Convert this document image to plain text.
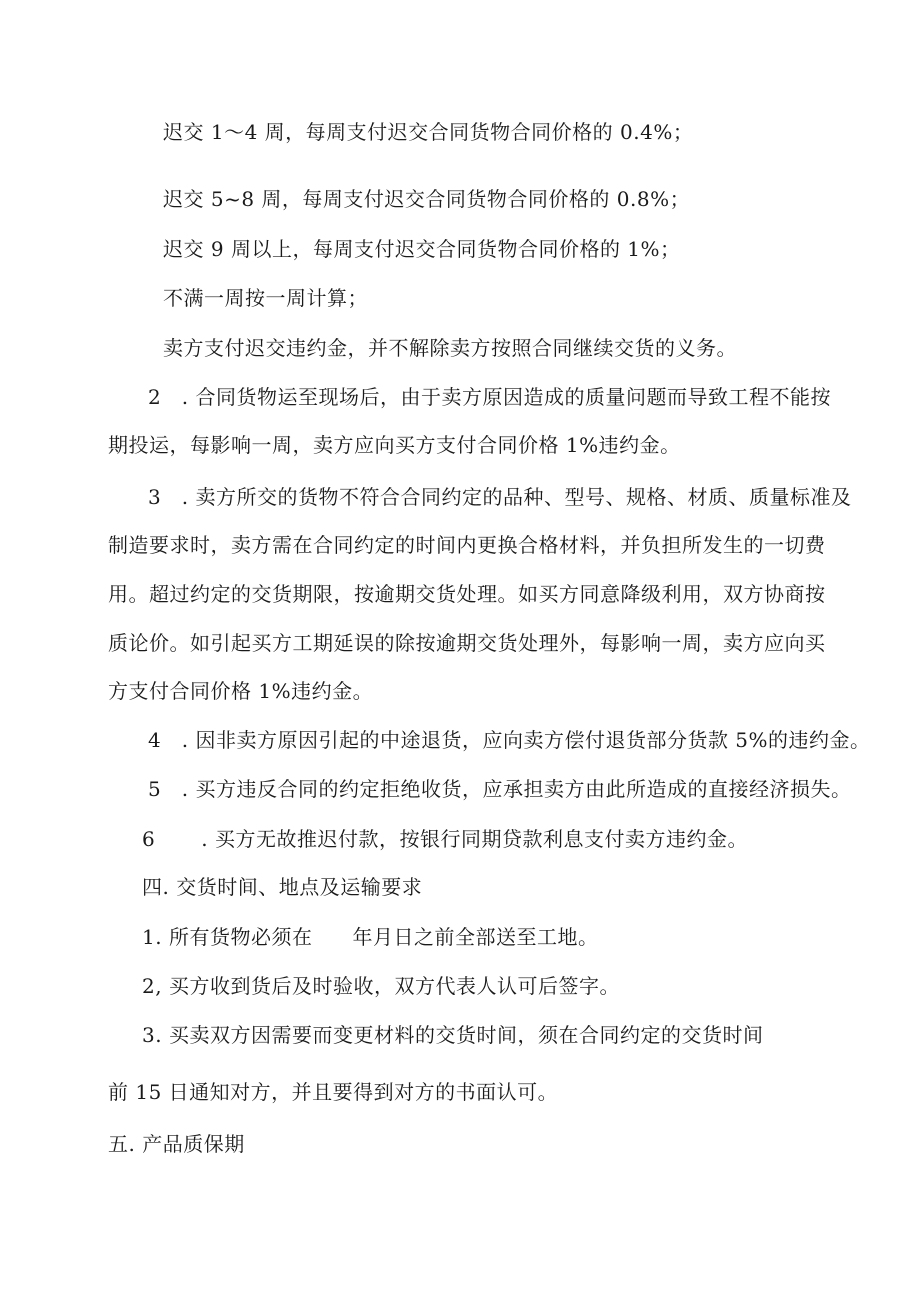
迟交 1～4 周，每周支付迟交合同货物合同价格的 0.4%；
迟交 5~8 周，每周支付迟交合同货物合同价格的 0.8%；
迟交 9 周以上，每周支付迟交合同货物合同价格的 1%；
不满一周按一周计算；
卖方支付迟交违约金，并不解除卖方按照合同继续交货的义务。
2　. 合同货物运至现场后，由于卖方原因造成的质量问题而导致工程不能按
期投运，每影响一周，卖方应向买方支付合同价格 1%违约金。
3　. 卖方所交的货物不符合合同约定的品种、型号、规格、材质、质量标准及
制造要求时，卖方需在合同约定的时间内更换合格材料，并负担所发生的一切费
用。超过约定的交货期限，按逾期交货处理。如买方同意降级利用，双方协商按
质论价。如引起买方工期延误的除按逾期交货处理外，每影响一周，卖方应向买
方支付合同价格 1%违约金。
4　. 因非卖方原因引起的中途退货，应向卖方偿付退货部分货款 5%的违约金。
5　. 买方违反合同的约定拒绝收货，应承担卖方由此所造成的直接经济损失。
6 . 买方无故推迟付款，按银行同期贷款利息支付卖方违约金。
四. 交货时间、地点及运输要求
1. 所有货物必须在 年月日之前全部送至工地。
2, 买方收到货后及时验收，双方代表人认可后签字。
3. 买卖双方因需要而变更材料的交货时间，须在合同约定的交货时间
前 15 日通知对方，并且要得到对方的书面认可。
五. 产品质保期
